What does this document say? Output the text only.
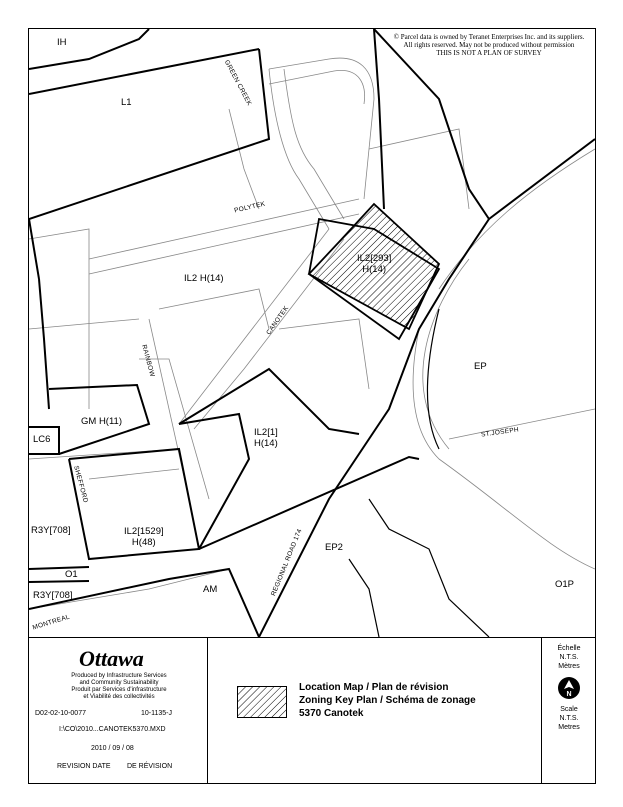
© Parcel data is owned by Teranet Enterprises Inc. and its suppliers.
All rights reserved. May not be produced without permission
THIS IS NOT A PLAN OF SURVEY
IH
L1
IL2 H(14)
IL2[293]
H(14)
EP
GM H(11)
LC6
IL2[1]
H(14)
R3Y[708]	IL2[1529]
H(48)	EP2
O1
AM
R3Y[708]
O1P
GREEN CREEK
POLYTEK
CANOTEK
RAINBOW
ST.JOSEPH
SHEFFORD
REGIONAL ROAD 174
MONTREAL
Ottawa
Produced by Infrastructure Services
and Community Sustainability
Produit par Services d'infrastructure
et Viabilité des collectivités
D02-02-10-0077	10-1135-J
I:\CO\2010...CANOTEK5370.MXD
2010 / 09 / 08
REVISION DATE DE RÉVISION
Location Map / Plan de révision
Zoning Key Plan / Schéma de zonage
5370 Canotek
Échelle
N.T.S.
Mètres
N
Scale
N.T.S.
Metres
